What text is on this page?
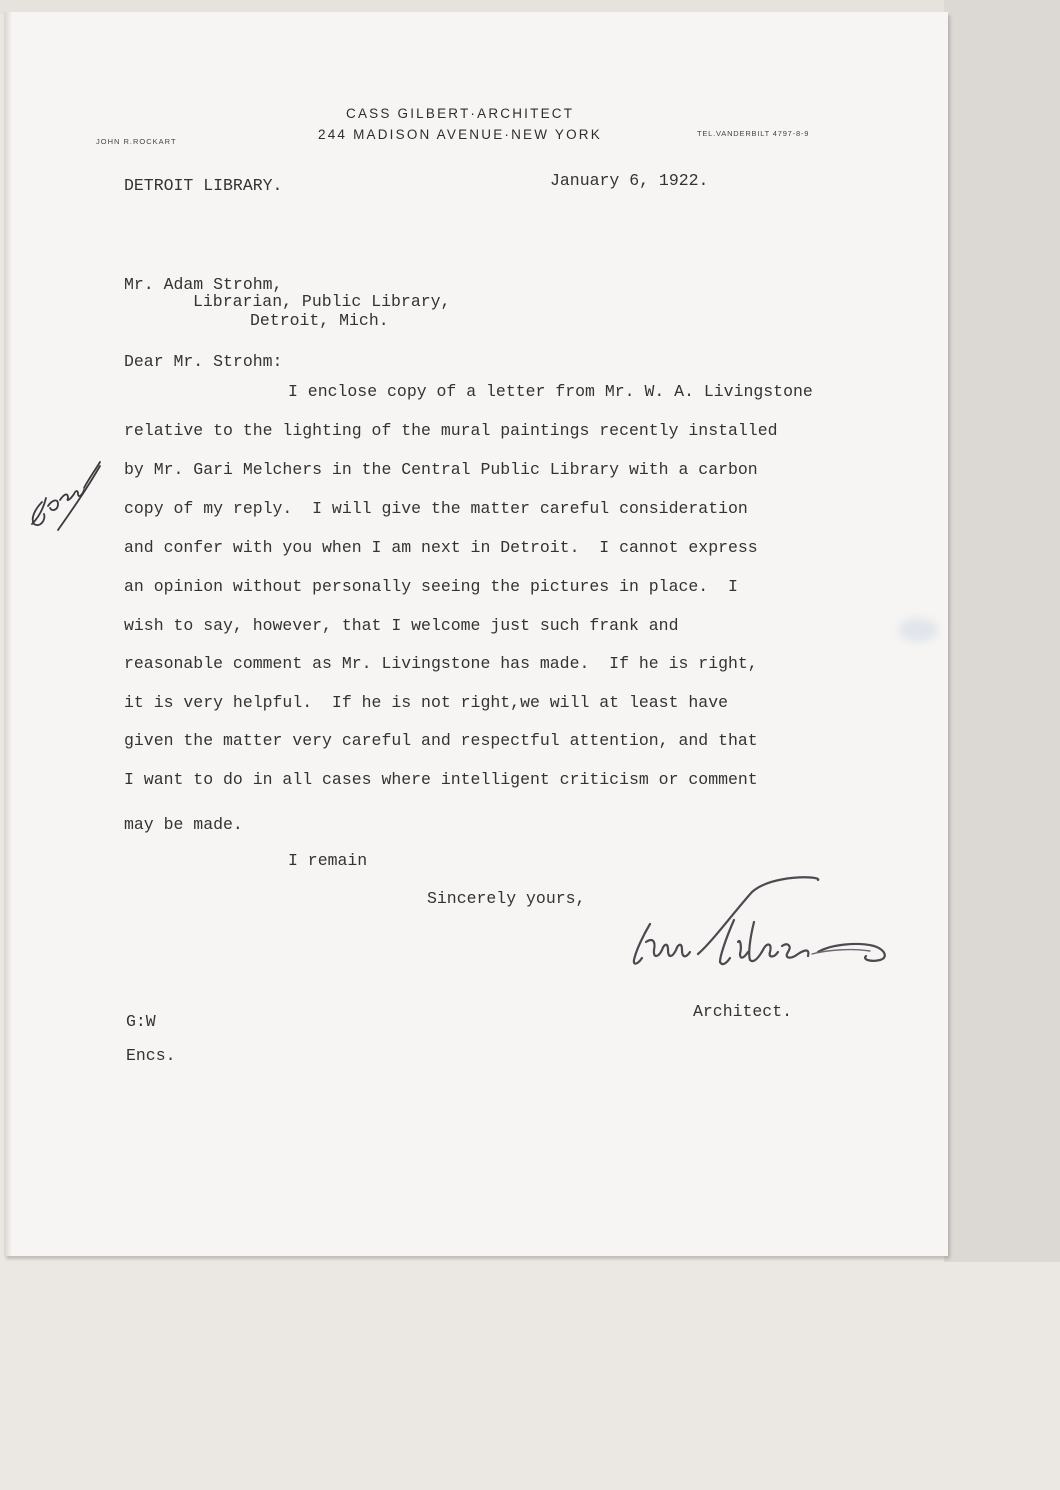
CASS GILBERT·ARCHITECT
244 MADISON AVENUE·NEW YORK
JOHN R.ROCKART
TEL.VANDERBILT 4797-8-9
DETROIT LIBRARY.	January 6, 1922.
Mr. Adam Strohm,
Librarian, Public Library,
Detroit, Mich.
Dear Mr. Strohm:
I enclose copy of a letter from Mr. W. A. Livingstone
relative to the lighting of the mural paintings recently installed
by Mr. Gari Melchers in the Central Public Library with a carbon
copy of my reply.  I will give the matter careful consideration
and confer with you when I am next in Detroit.  I cannot express
an opinion without personally seeing the pictures in place.  I
wish to say, however, that I welcome just such frank and
reasonable comment as Mr. Livingstone has made.  If he is right,
it is very helpful.  If he is not right,we will at least have
given the matter very careful and respectful attention, and that
I want to do in all cases where intelligent criticism or comment
may be made.
I remain
Sincerely yours,
Architect.
G:W
Encs.
